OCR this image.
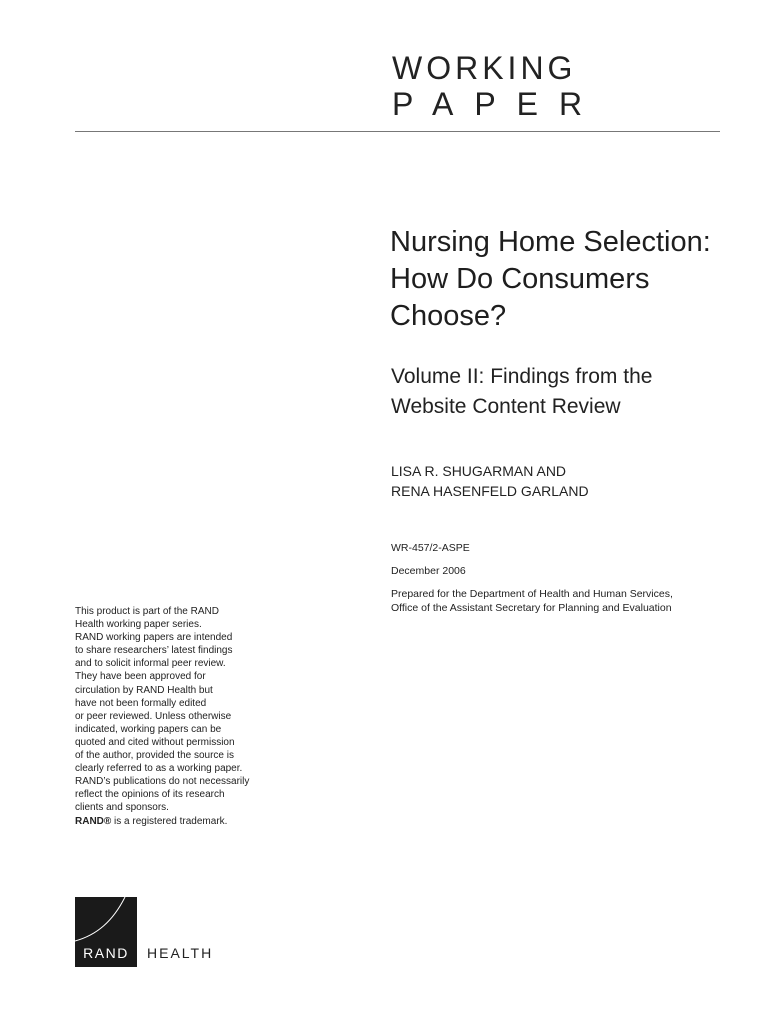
WORKING
PAPER
Nursing Home Selection:
How Do Consumers
Choose?
Volume II: Findings from the
Website Content Review
LISA R. SHUGARMAN AND
RENA HASENFELD GARLAND
WR-457/2-ASPE
December 2006
Prepared for the Department of Health and Human Services,
Office of the Assistant Secretary for Planning and Evaluation
This product is part of the RAND
Health working paper series.
RAND working papers are intended
to share researchers’ latest findings
and to solicit informal peer review.
They have been approved for
circulation by RAND Health but
have not been formally edited
or peer reviewed. Unless otherwise
indicated, working papers can be
quoted and cited without permission
of the author, provided the source is
clearly referred to as a working paper.
RAND’s publications do not necessarily
reflect the opinions of its research
clients and sponsors.
RAND® is a registered trademark.
RAND	HEALTH
